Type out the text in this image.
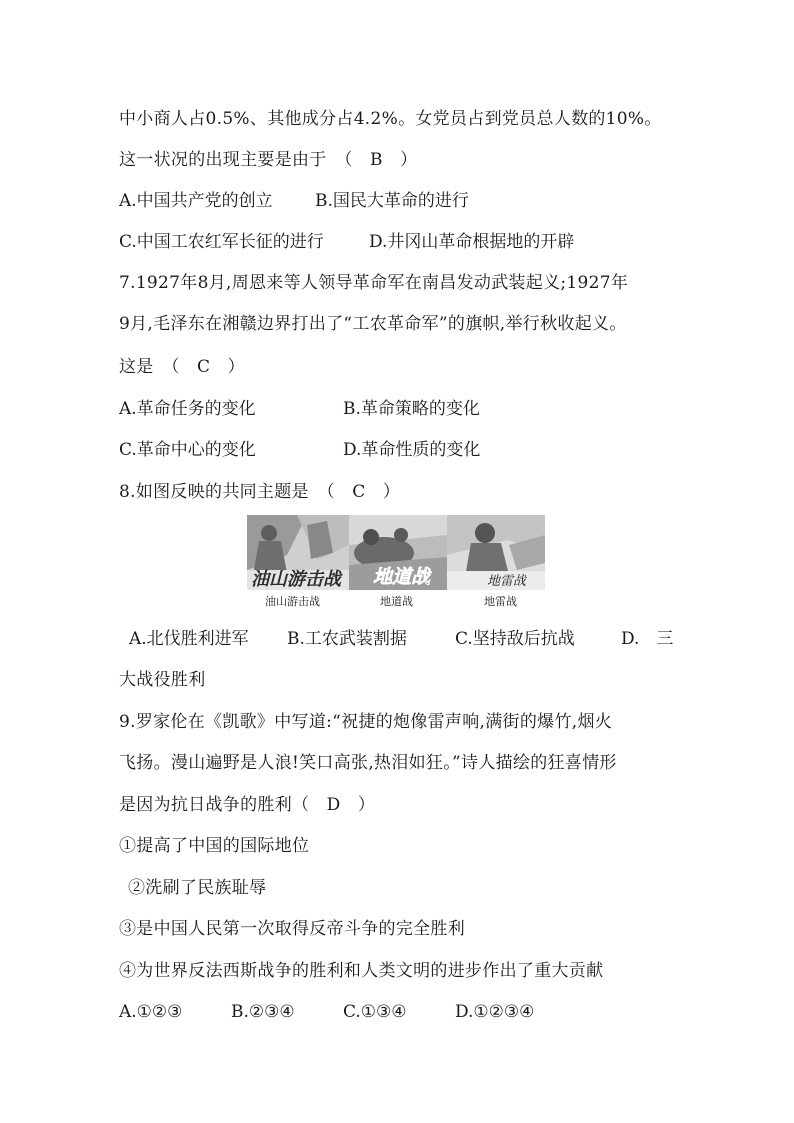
中小商人占0.5%、其他成分占4.2%。女党员占到党员总人数的10%。
这一状况的出现主要是由于　（　B　）
A.中国共产党的创立 B.国民大革命的进行
C.中国工农红军长征的进行	D.井冈山革命根据地的开辟
7.1927年8月,周恩来等人领导革命军在南昌发动武装起义;1927年
9月,毛泽东在湘赣边界打出了“工农革命军”的旗帜,举行秋收起义。
这是　（　C　）
A.革命任务的变化	B.革命策略的变化
C.革命中心的变化	D.革命性质的变化
8.如图反映的共同主题是　（　C　）
油山游击战 地道战	地雷战
油山游击战	地道战	地雷战
A.北伐胜利进军 B.工农武装割据	C.坚持敌后抗战	D.　三
大战役胜利
9.罗家伦在《凯歌》中写道:“祝捷的炮像雷声响,满街的爆竹,烟火
飞扬。漫山遍野是人浪!笑口高张,热泪如狂。”诗人描绘的狂喜情形
是因为抗日战争的胜利（　D　）
①提高了中国的国际地位
②洗刷了民族耻辱
③是中国人民第一次取得反帝斗争的完全胜利
④为世界反法西斯战争的胜利和人类文明的进步作出了重大贡献
A.①②③	B.②③④	C.①③④	D.①②③④
